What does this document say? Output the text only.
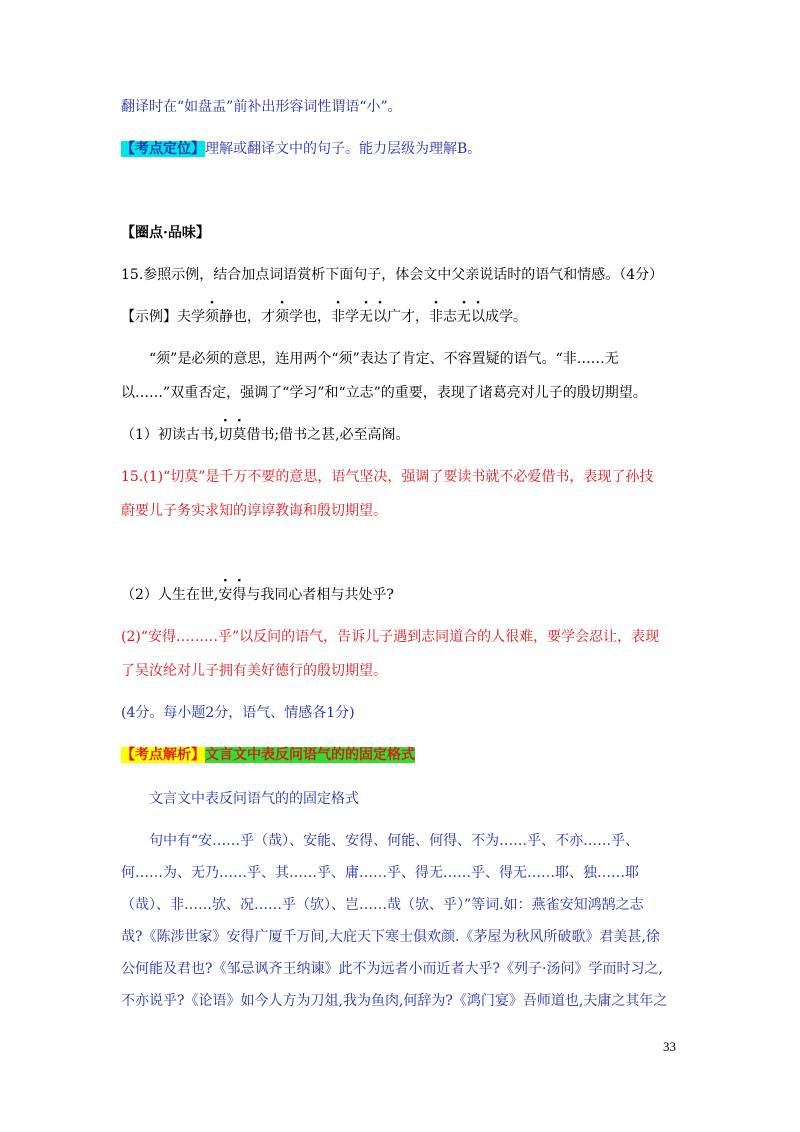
翻译时在“如盘盂”前补出形容词性谓语“小”。
【考点定位】理解或翻译文中的句子。能力层级为理解B。
【圈点·品味】
15.参照示例，结合加点词语赏析下面句子，体会文中父亲说话时的语气和情感。（4分）
【示例】夫学须静也，才须学也，非学无以广才，非志无以成学。
“须”是必须的意思，连用两个“须”表达了肯定、不容置疑的语气。“非……无
以……”双重否定，强调了“学习”和“立志”的重要，表现了诸葛亮对儿子的殷切期望。
（1）初读古书,切莫借书;借书之甚,必至高阁。
15.(1)“切莫”是千万不要的意思，语气坚决，强调了要读书就不必爱借书，表现了孙技
蔚要儿子务实求知的谆谆教诲和殷切期望。
（2）人生在世,安得与我同心者相与共处乎?
(2)“安得………乎”以反问的语气，告诉儿子遇到志同道合的人很难，要学会忍让，表现
了吴汝纶对儿子拥有美好德行的殷切期望。
(4分。每小题2分，语气、情感各1分)
【考点解析】文言文中表反问语气的的固定格式
文言文中表反问语气的的固定格式
句中有“安……乎（哉）、安能、安得、何能、何得、不为……乎、不亦……乎、
何……为、无乃……乎、其……乎、庸……乎、得无……乎、得无……耶、独……耶
（哉）、非……欤、况……乎（欤）、岂……哉（欤、乎）”等词.如：燕雀安知鸿鹄之志
哉?《陈涉世家》安得广厦千万间,大庇天下寒士俱欢颜.《茅屋为秋风所破歌》君美甚,徐
公何能及君也?《邹忌讽齐王纳谏》此不为远者小而近者大乎?《列子·汤问》学而时习之,
不亦说乎?《论语》如今人方为刀俎,我为鱼肉,何辞为?《鸿门宴》吾师道也,夫庸之其年之
33
